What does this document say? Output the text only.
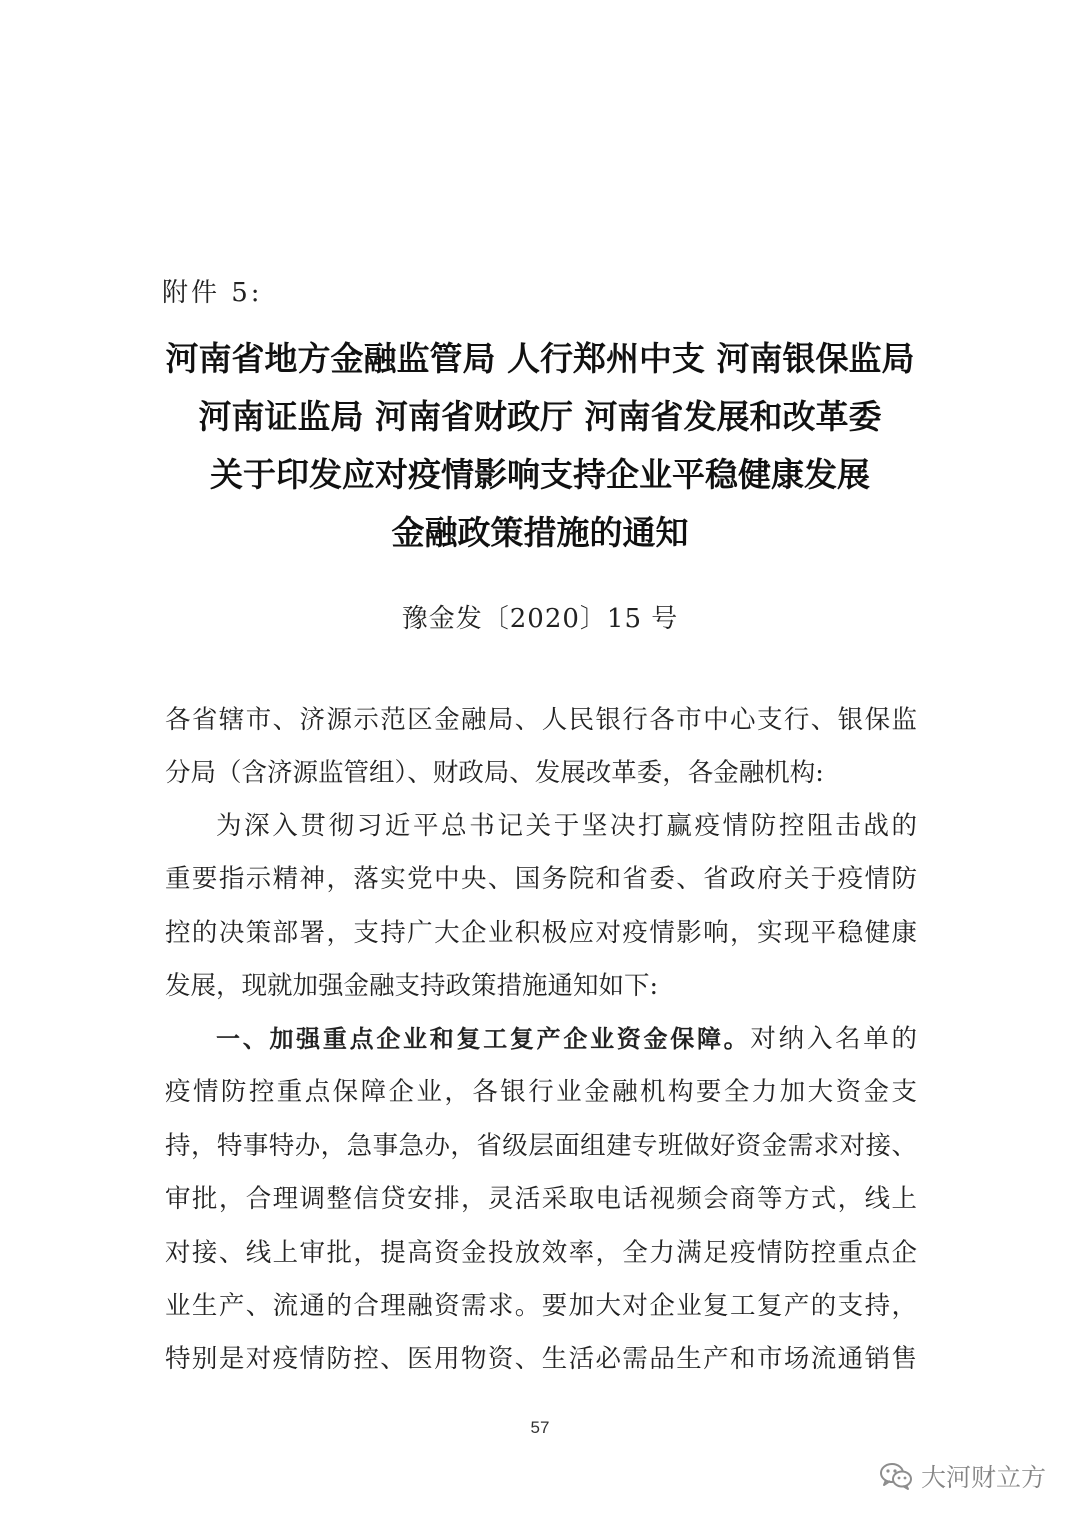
附件 5:
河南省地方金融监管局 人行郑州中支 河南银保监局
河南证监局 河南省财政厅 河南省发展和改革委
关于印发应对疫情影响支持企业平稳健康发展
金融政策措施的通知
豫金发〔2020〕15 号
各省辖市、济源示范区金融局、人民银行各市中心支行、银保监
分局（含济源监管组）、财政局、发展改革委，各金融机构:
为深入贯彻习近平总书记关于坚决打赢疫情防控阻击战的
重要指示精神，落实党中央、国务院和省委、省政府关于疫情防
控的决策部署，支持广大企业积极应对疫情影响，实现平稳健康
发展，现就加强金融支持政策措施通知如下:
一、加强重点企业和复工复产企业资金保障。对纳入名单的
疫情防控重点保障企业，各银行业金融机构要全力加大资金支
持，特事特办，急事急办，省级层面组建专班做好资金需求对接、
审批，合理调整信贷安排，灵活采取电话视频会商等方式，线上
对接、线上审批，提高资金投放效率，全力满足疫情防控重点企
业生产、流通的合理融资需求。要加大对企业复工复产的支持，
特别是对疫情防控、医用物资、生活必需品生产和市场流通销售
57
大河财立方
